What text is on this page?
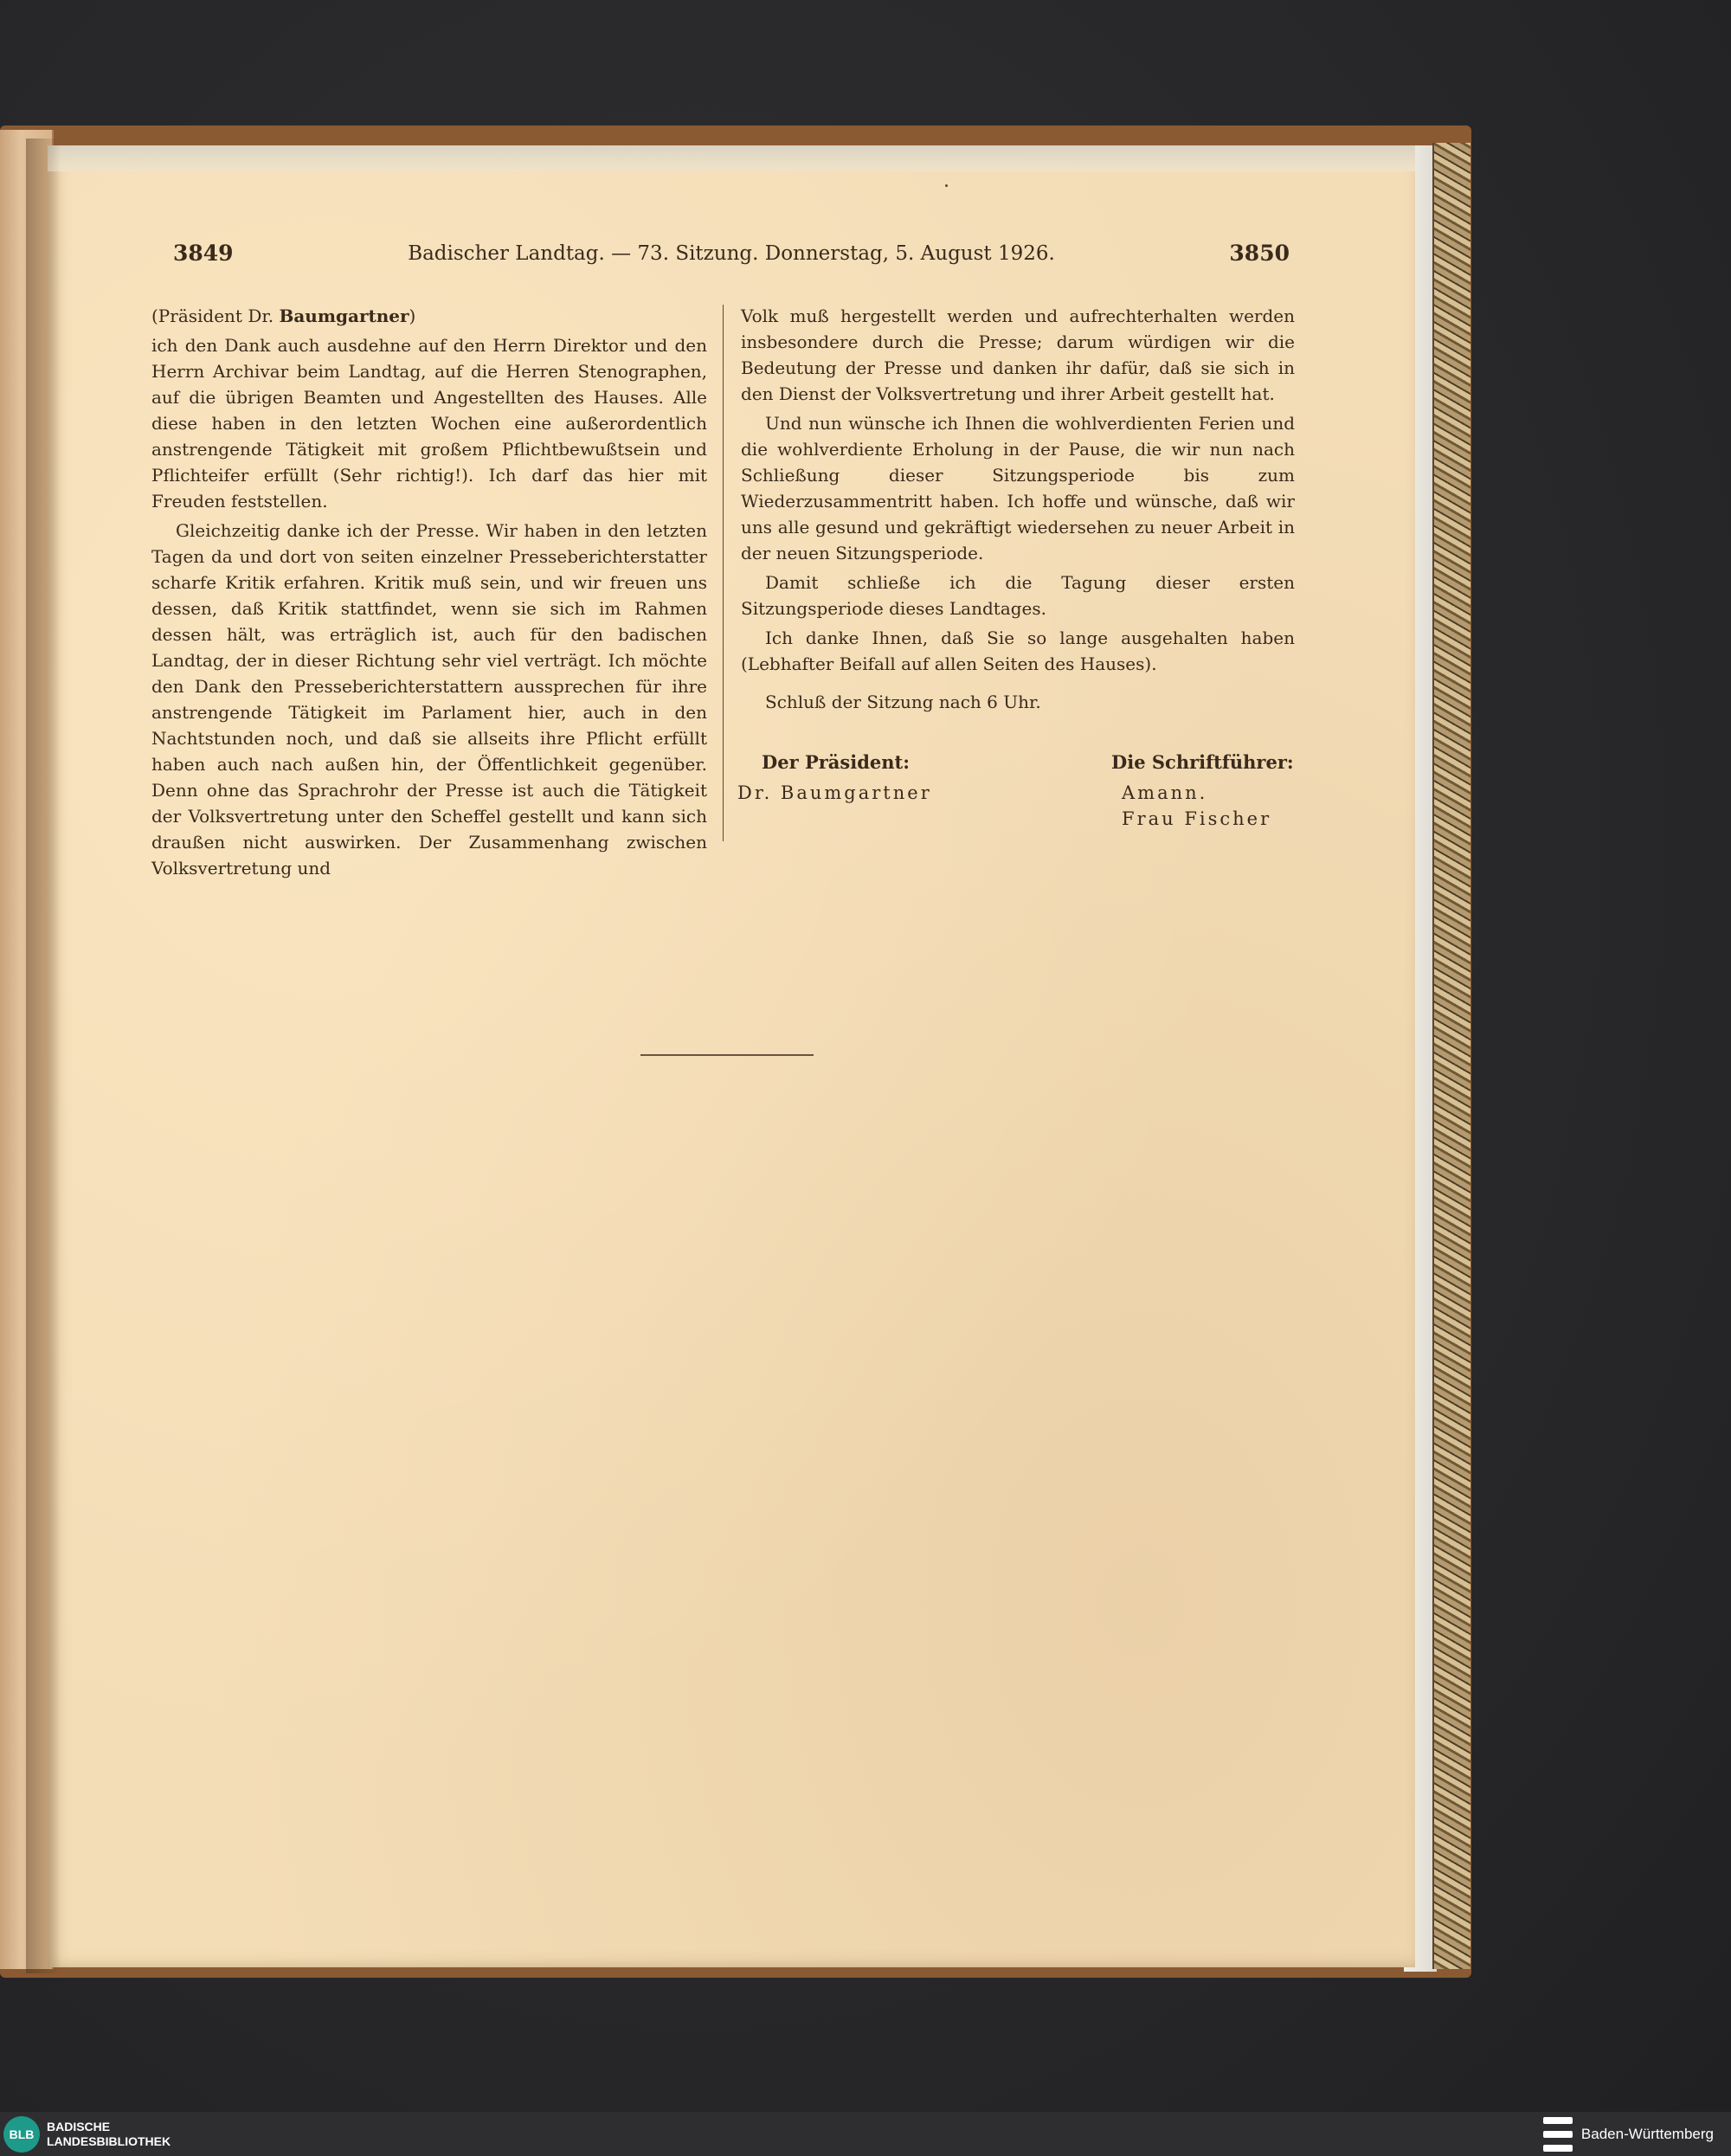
3849	Badischer Landtag. — 73. Sitzung. Donnerstag, 5. August 1926.	3850

(Präsident Dr. Baumgartner)

ich den Dank auch ausdehne auf den Herrn Direktor und den Herrn Archivar beim Landtag, auf die Herren Stenographen, auf die übrigen Beamten und Angestellten des Hauses. Alle diese haben in den letzten Wochen eine außerordentlich anstrengende Tätigkeit mit großem Pflichtbewußtsein und Pflichteifer erfüllt (Sehr richtig!). Ich darf das hier mit Freuden feststellen.

Gleichzeitig danke ich der Presse. Wir haben in den letzten Tagen da und dort von seiten einzelner Presseberichterstatter scharfe Kritik erfahren. Kritik muß sein, und wir freuen uns dessen, daß Kritik stattfindet, wenn sie sich im Rahmen dessen hält, was erträglich ist, auch für den badischen Landtag, der in dieser Richtung sehr viel verträgt. Ich möchte den Dank den Presseberichterstattern aussprechen für ihre anstrengende Tätigkeit im Parlament hier, auch in den Nachtstunden noch, und daß sie allseits ihre Pflicht erfüllt haben auch nach außen hin, der Öffentlichkeit gegenüber. Denn ohne das Sprachrohr der Presse ist auch die Tätigkeit der Volksvertretung unter den Scheffel gestellt und kann sich draußen nicht auswirken. Der Zusammenhang zwischen Volksvertretung und

Volk muß hergestellt werden und aufrechterhalten werden insbesondere durch die Presse; darum würdigen wir die Bedeutung der Presse und danken ihr dafür, daß sie sich in den Dienst der Volksvertretung und ihrer Arbeit gestellt hat.

Und nun wünsche ich Ihnen die wohlverdienten Ferien und die wohlverdiente Erholung in der Pause, die wir nun nach Schließung dieser Sitzungsperiode bis zum Wiederzusammentritt haben. Ich hoffe und wünsche, daß wir uns alle gesund und gekräftigt wiedersehen zu neuer Arbeit in der neuen Sitzungsperiode.

Damit schließe ich die Tagung dieser ersten Sitzungsperiode dieses Landtages.

Ich danke Ihnen, daß Sie so lange ausgehalten haben (Lebhafter Beifall auf allen Seiten des Hauses).

Schluß der Sitzung nach 6 Uhr.

Der Präsident:
Dr. Baumgartner
Die Schriftführer:
Amann.
Frau Fischer
BLB
BADISCHE
LANDESBIBLIOTHEK	Baden-Württemberg
